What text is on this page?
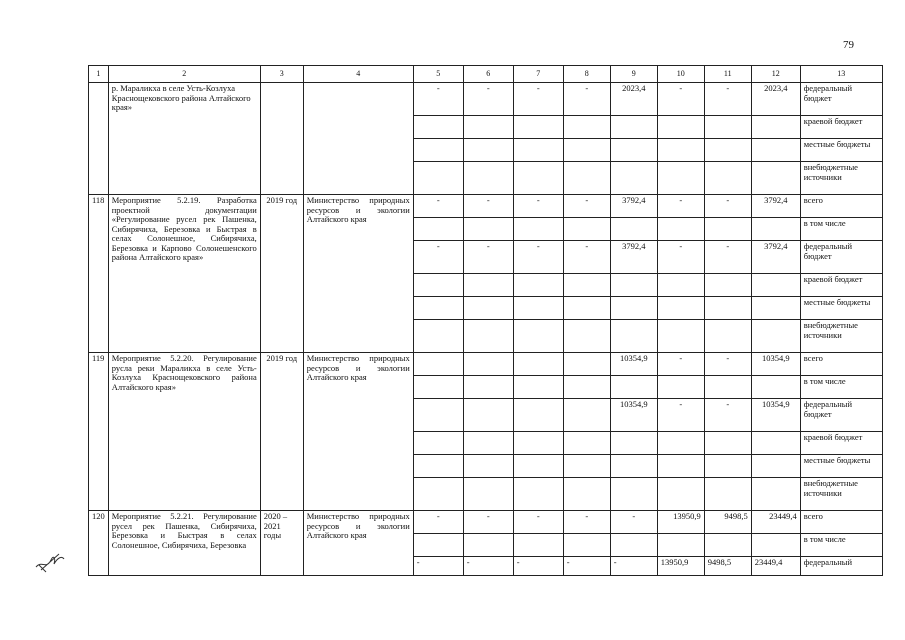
79
1	2	3	4	5	6	7	8	9	10	11	12	13
	р. Мараликха в селе Усть-Козлуха Краснощековского района Алтайского края»			-	-	-	-	2023,4	-	-	2023,4	федеральный бюджет
												краевой бюджет
												местные бюджеты
												внебюджетные источники
118	Мероприятие 5.2.19. Разработка проектной документации «Регулирование русел рек Пашенка, Сибирячиха, Березовка и Быстрая в селах Солонешное, Сибирячиха, Березовка и Карпово Солонешенского района Алтайского края»	2019 год	Министерство природных ресурсов и экологии Алтайского края	-	-	-	-	3792,4	-	-	3792,4	всего
												в том числе
				-	-	-	-	3792,4	-	-	3792,4	федеральный бюджет
												краевой бюджет
												местные бюджеты
												внебюджетные источники
119	Мероприятие 5.2.20. Регулирование русла реки Мараликха в селе Усть-Козлуха Краснощековского района Алтайского края»	2019 год	Министерство природных ресурсов и экологии Алтайского края					10354,9	-	-	10354,9	всего
												в том числе
								10354,9	-	-	10354,9	федеральный бюджет
												краевой бюджет
												местные бюджеты
												внебюджетные источники
120	Мероприятие 5.2.21. Регулирование русел рек Пашенка, Сибирячиха, Березовка и Быстрая в селах Солонешное, Сибирячиха, Березовка	2020 – 2021 годы	Министерство природных ресурсов и экологии Алтайского края	-	-	-	-	-	13950,9	9498,5	23449,4	всего
												в том числе
				-	-	-	-	-	13950,9	9498,5	23449,4	федеральный
